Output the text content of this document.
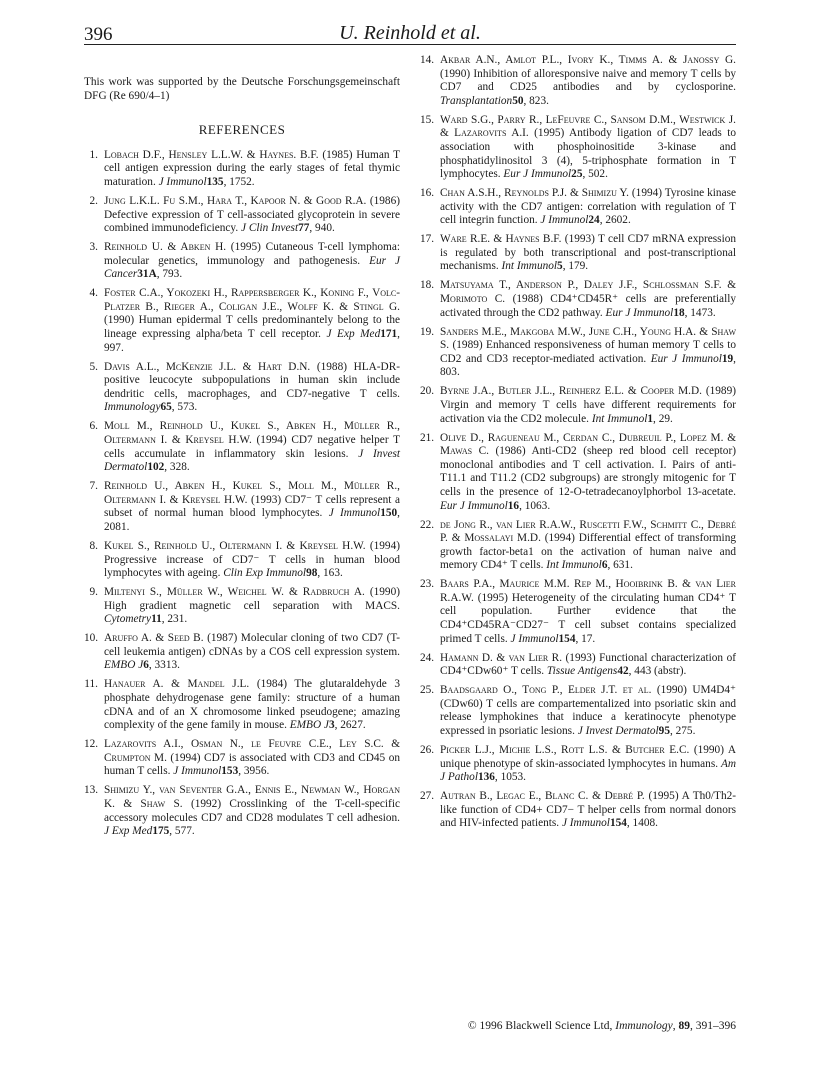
396	U. Reinhold et al.

This work was supported by the Deutsche Forschungsgemeinschaft DFG (Re 690/4–1)

REFERENCES
1. Lobach D.F., Hensley L.L.W. & Haynes. B.F. (1985) Human T cell antigen expression during the early stages of fetal thymic maturation. J Immunol135, 1752.
2. Jung L.K.L. Fu S.M., Hara T., Kapoor N. & Good R.A. (1986) Defective expression of T cell-associated glycoprotein in severe combined immunodeficiency. J Clin Invest77, 940.
3. Reinhold U. & Abken H. (1995) Cutaneous T-cell lymphoma: molecular genetics, immunology and pathogenesis. Eur J Cancer31A, 793.
4. Foster C.A., Yokozeki H., Rappersberger K., Koning F., Volc-Platzer B., Rieger A., Coligan J.E., Wolff K. & Stingl G. (1990) Human epidermal T cells predominantely belong to the lineage expressing alpha/beta T cell receptor. J Exp Med171, 997.
5. Davis A.L., McKenzie J.L. & Hart D.N. (1988) HLA-DR-positive leucocyte subpopulations in human skin include dendritic cells, macrophages, and CD7-negative T cells. Immunology65, 573.
6. Moll M., Reinhold U., Kukel S., Abken H., Müller R., Oltermann I. & Kreysel H.W. (1994) CD7 negative helper T cells accumulate in inflammatory skin lesions. J Invest Dermatol102, 328.
7. Reinhold U., Abken H., Kukel S., Moll M., Müller R., Oltermann I. & Kreysel H.W. (1993) CD7⁻ T cells represent a subset of normal human blood lymphocytes. J Immunol150, 2081.
8. Kukel S., Reinhold U., Oltermann I. & Kreysel H.W. (1994) Progressive increase of CD7⁻ T cells in human blood lymphocytes with ageing. Clin Exp Immunol98, 163.
9. Miltenyi S., Müller W., Weichel W. & Radbruch A. (1990) High gradient magnetic cell separation with MACS. Cytometry11, 231.
10. Aruffo A. & Seed B. (1987) Molecular cloning of two CD7 (T-cell leukemia antigen) cDNAs by a COS cell expression system. EMBO J6, 3313.
11. Hanauer A. & Mandel J.L. (1984) The glutaraldehyde 3 phosphate dehydrogenase gene family: structure of a human cDNA and of an X chromosome linked pseudogene; amazing complexity of the gene family in mouse. EMBO J3, 2627.
12. Lazarovits A.I., Osman N., le Feuvre C.E., Ley S.C. & Crumpton M. (1994) CD7 is associated with CD3 and CD45 on human T cells. J Immunol153, 3956.
13. Shimizu Y., van Seventer G.A., Ennis E., Newman W., Horgan K. & Shaw S. (1992) Crosslinking of the T-cell-specific accessory molecules CD7 and CD28 modulates T cell adhesion. J Exp Med175, 577.
14. Akbar A.N., Amlot P.L., Ivory K., Timms A. & Janossy G. (1990) Inhibition of alloresponsive naive and memory T cells by CD7 and CD25 antibodies and by cyclosporine. Transplantation50, 823.
15. Ward S.G., Parry R., LeFeuvre C., Sansom D.M., Westwick J. & Lazarovits A.I. (1995) Antibody ligation of CD7 leads to association with phosphoinositide 3-kinase and phosphatidylinositol 3 (4), 5-triphosphate formation in T lymphocytes. Eur J Immunol25, 502.
16. Chan A.S.H., Reynolds P.J. & Shimizu Y. (1994) Tyrosine kinase activity with the CD7 antigen: correlation with regulation of T cell integrin function. J Immunol24, 2602.
17. Ware R.E. & Haynes B.F. (1993) T cell CD7 mRNA expression is regulated by both transcriptional and post-transcriptional mechanisms. Int Immunol5, 179.
18. Matsuyama T., Anderson P., Daley J.F., Schlossman S.F. & Morimoto C. (1988) CD4⁺CD45R⁺ cells are preferentially activated through the CD2 pathway. Eur J Immunol18, 1473.
19. Sanders M.E., Makgoba M.W., June C.H., Young H.A. & Shaw S. (1989) Enhanced responsiveness of human memory T cells to CD2 and CD3 receptor-mediated activation. Eur J Immunol19, 803.
20. Byrne J.A., Butler J.L., Reinherz E.L. & Cooper M.D. (1989) Virgin and memory T cells have different requirements for activation via the CD2 molecule. Int Immunol1, 29.
21. Olive D., Ragueneau M., Cerdan C., Dubreuil P., Lopez M. & Mawas C. (1986) Anti-CD2 (sheep red blood cell receptor) monoclonal antibodies and T cell activation. I. Pairs of anti-T11.1 and T11.2 (CD2 subgroups) are strongly mitogenic for T cells in the presence of 12-O-tetradecanoylphorbol 13-acetate. Eur J Immunol16, 1063.
22. de Jong R., van Lier R.A.W., Ruscetti F.W., Schmitt C., Debré P. & Mossalayi M.D. (1994) Differential effect of transforming growth factor-beta1 on the activation of human naive and memory CD4⁺ T cells. Int Immunol6, 631.
23. Baars P.A., Maurice M.M. Rep M., Hooibrink B. & van Lier R.A.W. (1995) Heterogeneity of the circulating human CD4⁺ T cell population. Further evidence that the CD4⁺CD45RA⁻CD27⁻ T cell subset contains specialized primed T cells. J Immunol154, 17.
24. Hamann D. & van Lier R. (1993) Functional characterization of CD4⁺CDw60⁺ T cells. Tissue Antigens42, 443 (abstr).
25. Baadsgaard O., Tong P., Elder J.T. et al. (1990) UM4D4⁺ (CDw60) T cells are compartementalized into psoriatic skin and release lymphokines that induce a keratinocyte phenotype expressed in psoriatic lesions. J Invest Dermatol95, 275.
26. Picker L.J., Michie L.S., Rott L.S. & Butcher E.C. (1990) A unique phenotype of skin-associated lymphocytes in humans. Am J Pathol136, 1053.
27. Autran B., Legac E., Blanc C. & Debré P. (1995) A Th0/Th2-like function of CD4+ CD7− T helper cells from normal donors and HIV-infected patients. J Immunol154, 1408.
© 1996 Blackwell Science Ltd, Immunology, 89, 391–396
